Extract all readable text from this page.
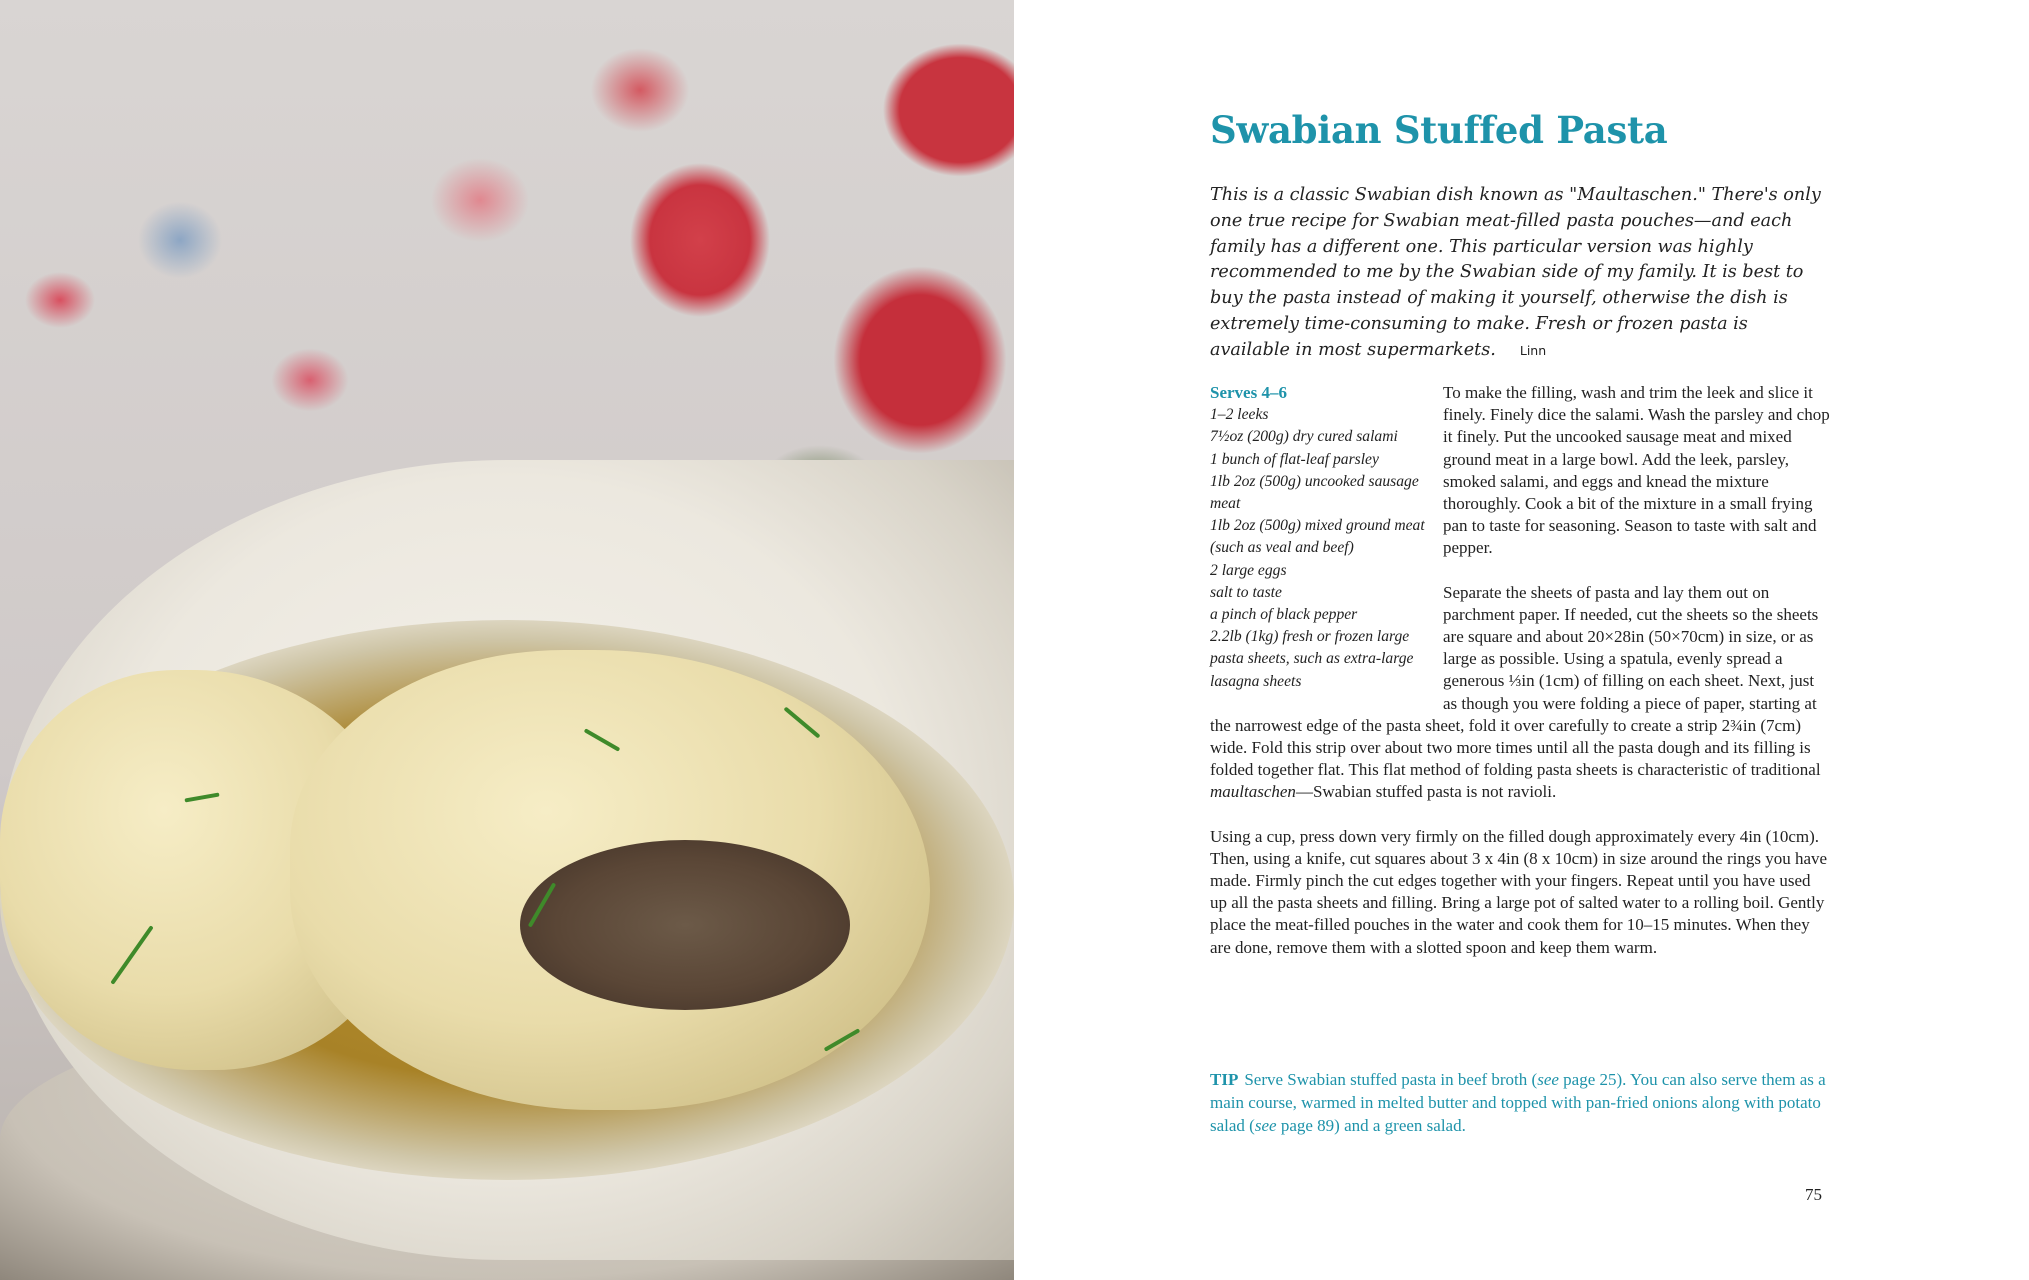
Swabian Stuffed Pasta
This is a classic Swabian dish known as "Maultaschen." There's only one true recipe for Swabian meat-filled pasta pouches—and each family has a different one. This particular version was highly recommended to me by the Swabian side of my family. It is best to buy the pasta instead of making it yourself, otherwise the dish is extremely time-consuming to make. Fresh or frozen pasta is available in most supermarkets. Linn
Serves 4–6
1–2 leeks
7½oz (200g) dry cured salami
1 bunch of flat-leaf parsley
1lb 2oz (500g) uncooked sausage meat
1lb 2oz (500g) mixed ground meat (such as veal and beef)
2 large eggs
salt to taste
a pinch of black pepper
2.2lb (1kg) fresh or frozen large pasta sheets, such as extra-large lasagna sheets

To make the filling, wash and trim the leek and slice it finely. Finely dice the salami. Wash the parsley and chop it finely. Put the uncooked sausage meat and mixed ground meat in a large bowl. Add the leek, parsley, smoked salami, and eggs and knead the mixture thoroughly. Cook a bit of the mixture in a small frying pan to taste for seasoning. Season to taste with salt and pepper.

Separate the sheets of pasta and lay them out on parchment paper. If needed, cut the sheets so the sheets are square and about 20×28in (50×70cm) in size, or as large as possible. Using a spatula, evenly spread a generous ⅓in (1cm) of filling on each sheet. Next, just as though you were folding a piece of paper, starting at the narrowest edge of the pasta sheet, fold it over carefully to create a strip 2¾in (7cm) wide. Fold this strip over about two more times until all the pasta dough and its filling is folded together flat. This flat method of folding pasta sheets is characteristic of traditional maultaschen—Swabian stuffed pasta is not ravioli.

Using a cup, press down very firmly on the filled dough approximately every 4in (10cm). Then, using a knife, cut squares about 3 x 4in (8 x 10cm) in size around the rings you have made. Firmly pinch the cut edges together with your fingers. Repeat until you have used up all the pasta sheets and filling. Bring a large pot of salted water to a rolling boil. Gently place the meat-filled pouches in the water and cook them for 10–15 minutes. When they are done, remove them with a slotted spoon and keep them warm.

TIP Serve Swabian stuffed pasta in beef broth (see page 25). You can also serve them as a main course, warmed in melted butter and topped with pan-fried onions along with potato salad (see page 89) and a green salad.
75
